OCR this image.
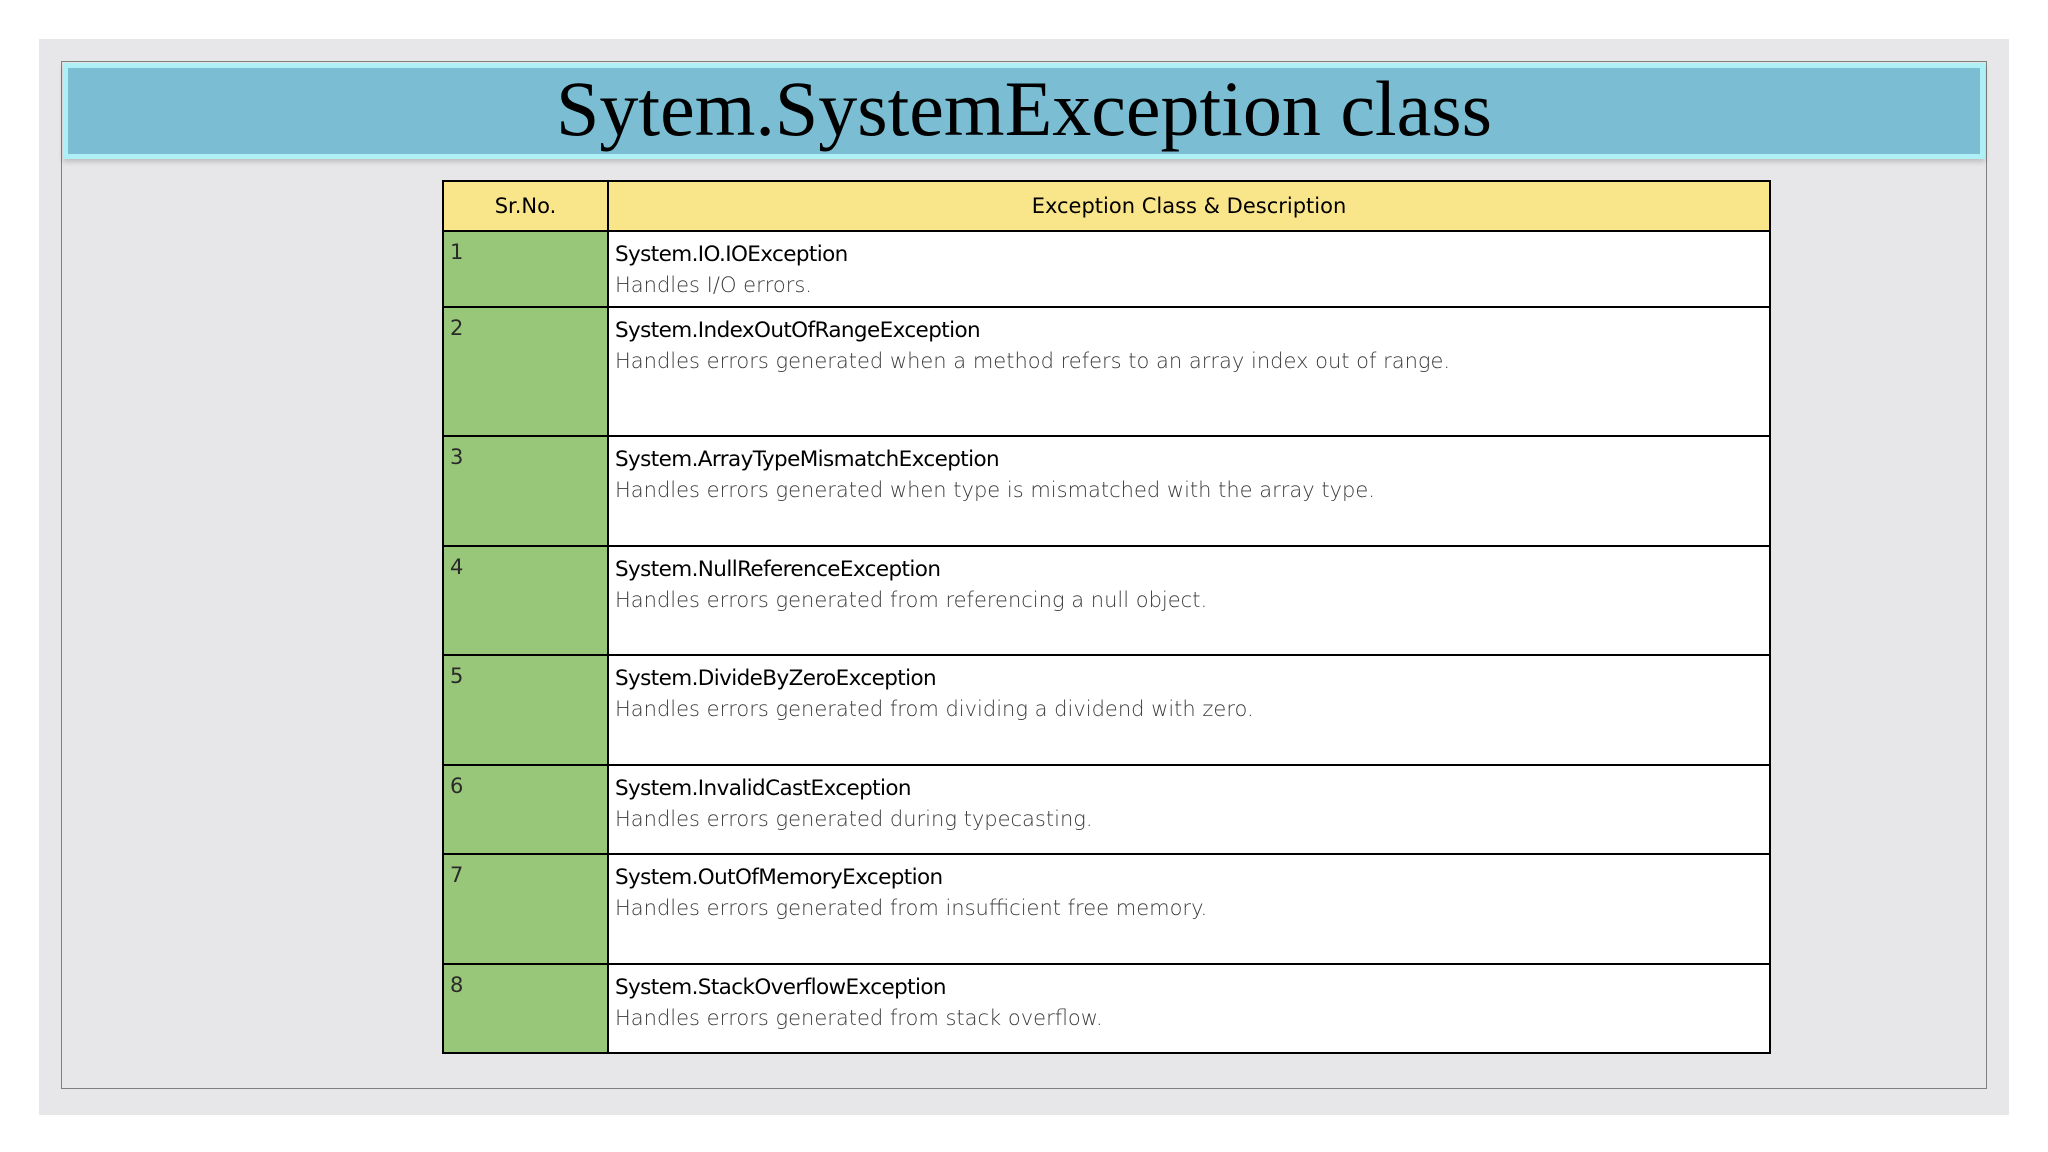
Sytem.SystemException class
Sr.No.	Exception Class & Description
1	System.IO.IOException
Handles I/O errors.

2	System.IndexOutOfRangeException
Handles errors generated when a method refers to an array index out of range.

3	System.ArrayTypeMismatchException
Handles errors generated when type is mismatched with the array type.

4	System.NullReferenceException
Handles errors generated from referencing a null object.

5	System.DivideByZeroException
Handles errors generated from dividing a dividend with zero.

6	System.InvalidCastException
Handles errors generated during typecasting.

7	System.OutOfMemoryException
Handles errors generated from insufficient free memory.

8	System.StackOverflowException
Handles errors generated from stack overflow.
